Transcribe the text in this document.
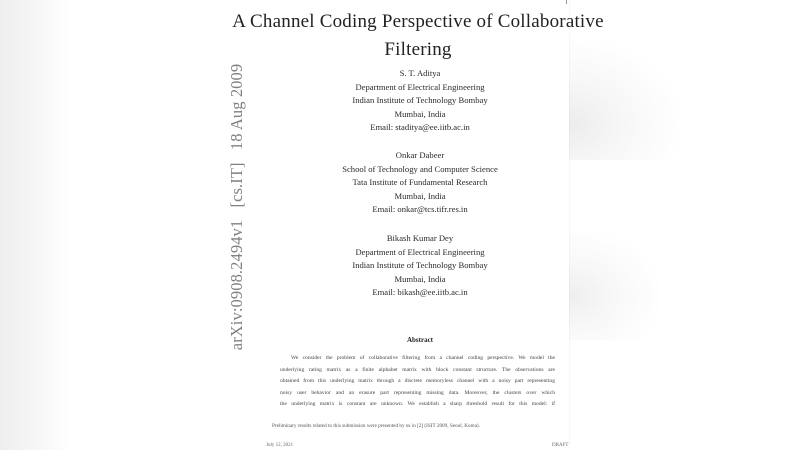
arXiv:0908.2494v1 [cs.IT] 18 Aug 2009
A Channel Coding Perspective of Collaborative
Filtering
S. T. Aditya
Department of Electrical Engineering
Indian Institute of Technology Bombay
Mumbai, India
Email: staditya@ee.iitb.ac.in
Onkar Dabeer
School of Technology and Computer Science
Tata Institute of Fundamental Research
Mumbai, India
Email: onkar@tcs.tifr.res.in
Bikash Kumar Dey
Department of Electrical Engineering
Indian Institute of Technology Bombay
Mumbai, India
Email: bikash@ee.iitb.ac.in
Abstract
We consider the problem of collaborative filtering from a channel coding perspective. We model the
underlying rating matrix as a finite alphabet matrix with block constant structure. The observations are
obtained from this underlying matrix through a discrete memoryless channel with a noisy part representing
noisy user behavior and an erasure part representing missing data. Moreover, the clusters over which
the underlying matrix is constant are unknown. We establish a sharp threshold result for this model: if
Preliminary results related to this submission were presented by us in [2] (ISIT 2009, Seoul, Korea).
July 12, 2021	DRAFT
